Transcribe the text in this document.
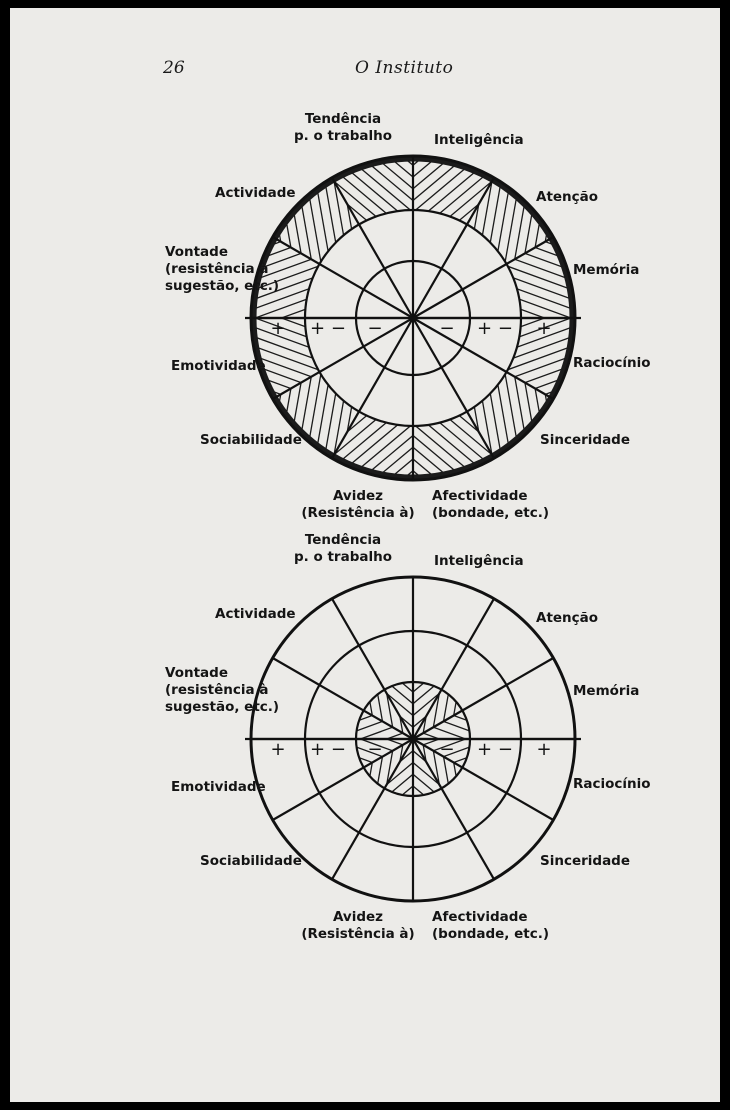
26	O Instituto
+ + − −	− + − +
Tendência
p. o trabalho	Inteligência
Atenção
Memória
Raciocínio
Sinceridade
Afectividade
(bondade, etc.)
Avidez
(Resistência à)
Sociabilidade
Emotividade
Vontade
(resistência à
sugestão, etc.)
Actividade
+ + − −	− + − +
Tendência
p. o trabalho	Inteligência
Atenção
Memória
Raciocínio
Sinceridade
Afectividade
(bondade, etc.)
Avidez
(Resistência à)
Sociabilidade
Emotividade
Vontade
(resistência à
sugestão, etc.)
Actividade
